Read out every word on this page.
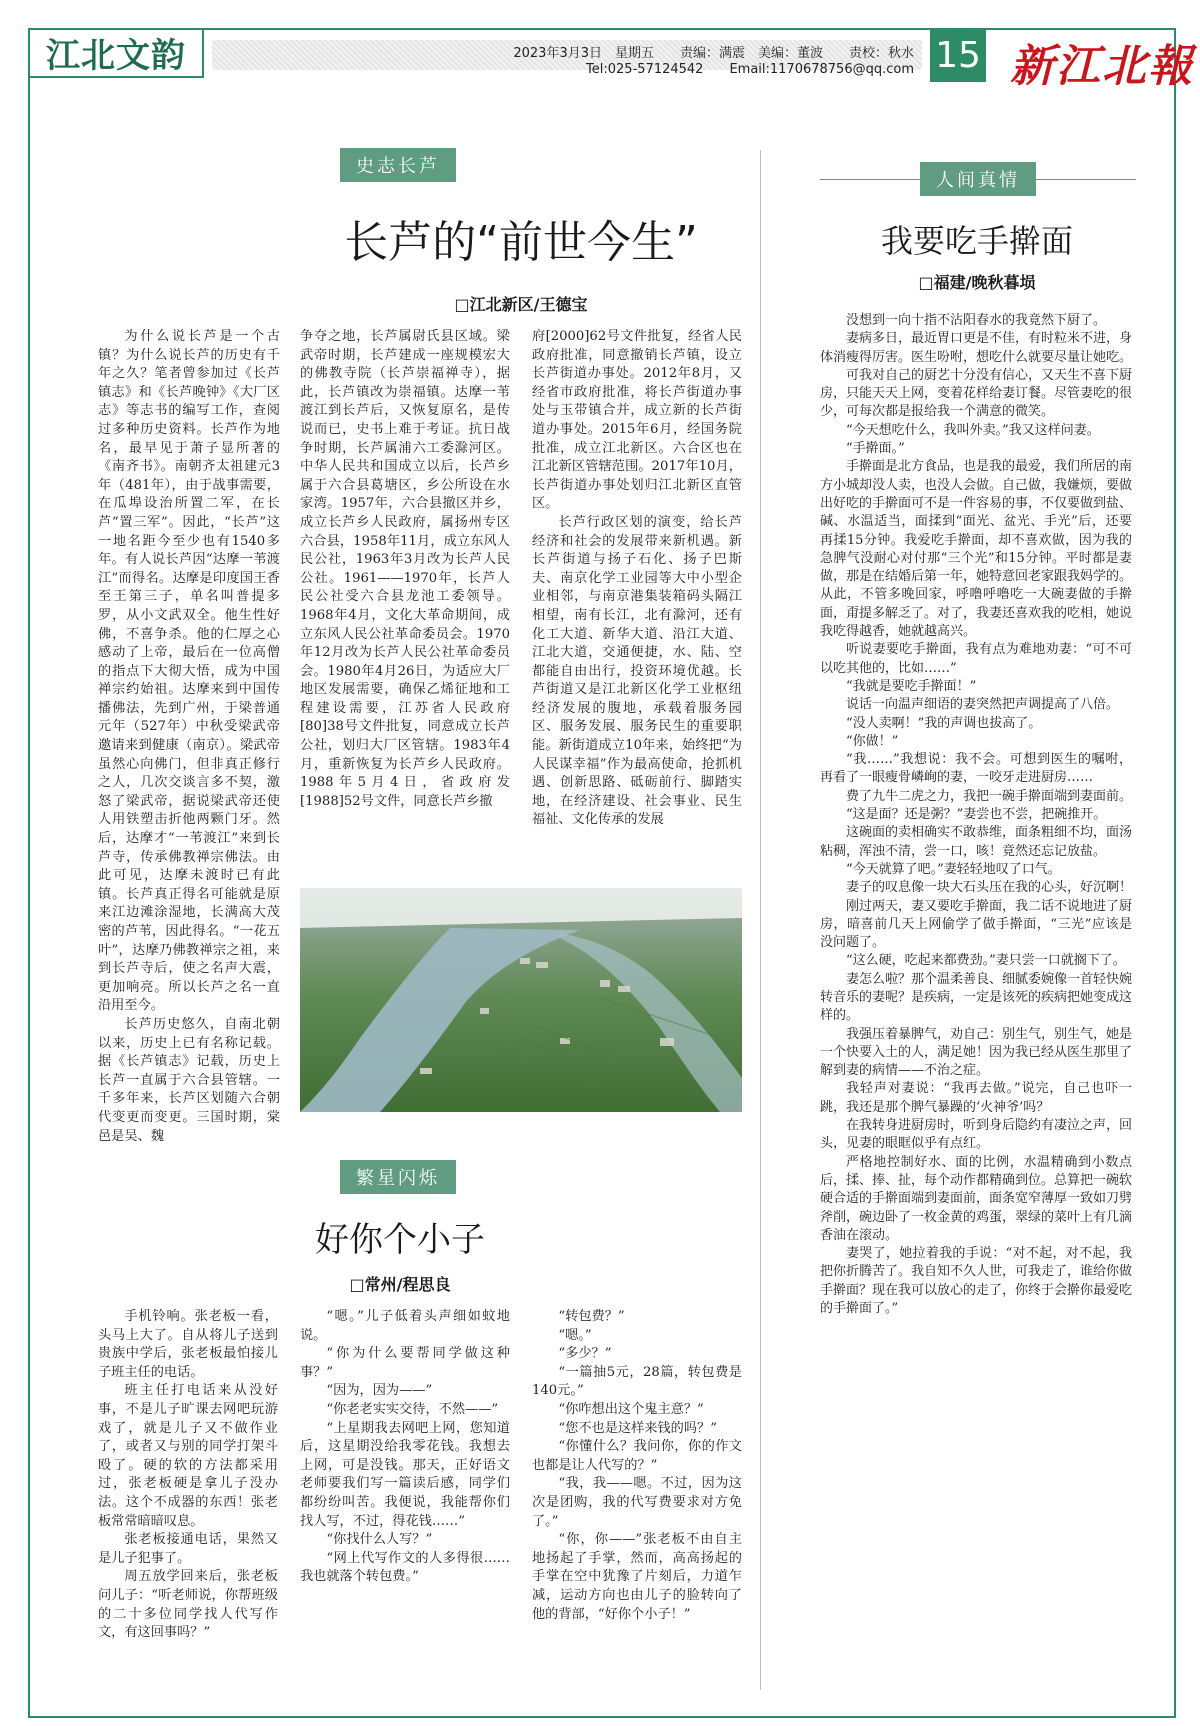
江北文韵	2023年3月3日　星期五　　责编：满震　美编：董波　　责校：秋水
Tel:025-57124542　　Email:1170678756@qq.com 15 新江北報
史志长芦
长芦的“前世今生”
□江北新区/王德宝

为什么说长芦是一个古镇？为什么说长芦的历史有千年之久？笔者曾参加过《长芦镇志》和《长芦晚钟》《大厂区志》等志书的编写工作，查阅过多种历史资料。长芦作为地名，最早见于萧子显所著的《南齐书》。南朝齐太祖建元3年（481年），由于战事需要，在瓜埠设治所置二军，在长芦“置三军”。因此，“长芦”这一地名距今至少也有1540多年。有人说长芦因“达摩一苇渡江”而得名。达摩是印度国王香至王第三子，单名叫普提多罗，从小文武双全。他生性好佛，不喜争杀。他的仁厚之心感动了上帝，最后在一位高僧的指点下大彻大悟，成为中国禅宗约始祖。达摩来到中国传播佛法，先到广州，于梁普通元年（527年）中秋受梁武帝邀请来到健康（南京）。梁武帝虽然心向佛门，但非真正修行之人，几次交谈言多不契，激怒了梁武帝，据说梁武帝还使人用铁塑击折他两颗门牙。然后，达摩才“一苇渡江”来到长芦寺，传承佛教禅宗佛法。由此可见，达摩未渡时已有此镇。长芦真正得名可能就是原来江边滩涂湿地，长满高大茂密的芦苇，因此得名。“一花五叶”，达摩乃佛教禅宗之祖，来到长芦寺后，使之名声大震，更加响亮。所以长芦之名一直沿用至今。

长芦历史悠久，自南北朝以来，历史上已有名称记载。据《长芦镇志》记载，历史上长芦一直属于六合县管辖。一千多年来，长芦区划随六合朝代变更而变更。三国时期，棠邑是吴、魏

争夺之地，长芦属尉氏县区域。梁武帝时期，长芦建成一座规模宏大的佛教寺院（长芦崇福禅寺），据此，长芦镇改为崇福镇。达摩一苇渡江到长芦后，又恢复原名，是传说而已，史书上难于考证。抗日战争时期，长芦属浦六工委滁河区。中华人民共和国成立以后，长芦乡属于六合县葛塘区，乡公所设在水家湾。1957年，六合县撤区并乡，成立长芦乡人民政府，属扬州专区六合县，1958年11月，成立东风人民公社，1963年3月改为长芦人民公社。1961——1970年，长芦人民公社受六合县龙池工委领导。1968年4月，文化大革命期间，成立东风人民公社革命委员会。1970年12月改为长芦人民公社革命委员会。1980年4月26日，为适应大厂地区发展需要，确保乙烯征地和工程建设需要，江苏省人民政府[80]38号文件批复，同意成立长芦公社，划归大厂区管辖。1983年4月，重新恢复为长芦乡人民政府。1988年5月4日，省政府发[1988]52号文件，同意长芦乡撤

府[2000]62号文件批复，经省人民政府批准，同意撤销长芦镇，设立长芦街道办事处。2012年8月，又经省市政府批准，将长芦街道办事处与玉带镇合并，成立新的长芦街道办事处。2015年6月，经国务院批准，成立江北新区。六合区也在江北新区管辖范围。2017年10月，长芦街道办事处划归江北新区直管区。

长芦行政区划的演变，给长芦经济和社会的发展带来新机遇。新长芦街道与扬子石化、扬子巴斯夫、南京化学工业园等大中小型企业相邻，与南京港集装箱码头隔江相望，南有长江，北有滁河，还有化工大道、新华大道、沿江大道、江北大道，交通便捷，水、陆、空都能自由出行，投资环境优越。长芦街道又是江北新区化学工业枢纽经济发展的腹地，承载着服务园区、服务发展、服务民生的重要职能。新街道成立10年来，始终把“为人民谋幸福”作为最高使命，抢抓机遇、创新思路、砥砺前行、脚踏实地，在经济建设、社会事业、民生福祉、文化传承的发展

繁星闪烁
好你个小子
□常州/程思良

手机铃响。张老板一看，头马上大了。自从将儿子送到贵族中学后，张老板最怕接儿子班主任的电话。

班主任打电话来从没好事，不是儿子旷课去网吧玩游戏了，就是儿子又不做作业了，或者又与别的同学打架斗殴了。硬的软的方法都采用过，张老板硬是拿儿子没办法。这个不成器的东西！张老板常常暗暗叹息。

张老板接通电话，果然又是儿子犯事了。

周五放学回来后，张老板问儿子：“听老师说，你帮班级的二十多位同学找人代写作文，有这回事吗？”

“嗯。”儿子低着头声细如蚊地说。

“你为什么要帮同学做这种事？”

“因为，因为——”

“你老老实实交待，不然——”

“上星期我去网吧上网，您知道后，这星期没给我零花钱。我想去上网，可是没钱。那天，正好语文老师要我们写一篇读后感，同学们都纷纷叫苦。我便说，我能帮你们找人写，不过，得花钱……”

“你找什么人写？”

“网上代写作文的人多得很……我也就落个转包费。”

“转包费？”

“嗯。”

“多少？”

“一篇抽5元，28篇，转包费是140元。”

“你咋想出这个鬼主意？”

“您不也是这样来钱的吗？”

“你懂什么？我问你，你的作文也都是让人代写的？”

“我，我——嗯。不过，因为这次是团购，我的代写费要求对方免了。”

“你，你——”张老板不由自主地扬起了手掌，然而，高高扬起的手掌在空中犹豫了片刻后，力道乍减，运动方向也由儿子的脸转向了他的背部，“好你个小子！”

人间真情
我要吃手擀面
□福建/晚秋暮埙

没想到一向十指不沾阳春水的我竟然下厨了。

妻病多日，最近胃口更是不佳，有时粒米不进，身体消瘦得厉害。医生吩咐，想吃什么就要尽量让她吃。

可我对自己的厨艺十分没有信心，又天生不喜下厨房，只能天天上网，变着花样给妻订餐。尽管妻吃的很少，可每次都是报给我一个满意的微笑。

“今天想吃什么，我叫外卖。”我又这样问妻。

“手擀面。”

手擀面是北方食品，也是我的最爱，我们所居的南方小城却没人卖，也没人会做。自己做，我嫌烦，要做出好吃的手擀面可不是一件容易的事，不仅要做到盐、碱、水温适当，面揉到“面光、盆光、手光”后，还要再揉15分钟。我爱吃手擀面，却不喜欢做，因为我的急脾气没耐心对付那“三个光”和15分钟。平时都是妻做，那是在结婚后第一年，她特意回老家跟我妈学的。从此，不管多晚回家，呼噜呼噜吃一大碗妻做的手擀面，甭提多解乏了。对了，我妻还喜欢我的吃相，她说我吃得越香，她就越高兴。

听说妻要吃手擀面，我有点为难地劝妻：“可不可以吃其他的，比如……”

“我就是要吃手擀面！”

说话一向温声细语的妻突然把声调提高了八倍。

“没人卖啊！”我的声调也拔高了。

“你做！”

“我……”我想说：我不会。可想到医生的嘱咐，再看了一眼瘦骨嶙峋的妻，一咬牙走进厨房……

费了九牛二虎之力，我把一碗手擀面端到妻面前。

“这是面？还是粥？”妻尝也不尝，把碗推开。

这碗面的卖相确实不敢恭维，面条粗细不均，面汤粘稠，浑浊不清，尝一口，咳！竟然还忘记放盐。

“今天就算了吧。”妻轻轻地叹了口气。

妻子的叹息像一块大石头压在我的心头，好沉啊！

刚过两天，妻又要吃手擀面，我二话不说地进了厨房，暗喜前几天上网偷学了做手擀面，“三光”应该是没问题了。

“这么硬，吃起来都费劲。”妻只尝一口就搁下了。

妻怎么啦？那个温柔善良、细腻委婉像一首轻快婉转音乐的妻呢？是疾病，一定是该死的疾病把她变成这样的。

我强压着暴脾气，劝自己：别生气，别生气，她是一个快要入土的人，满足她！因为我已经从医生那里了解到妻的病情——不治之症。

我轻声对妻说：“我再去做。”说完，自己也吓一跳，我还是那个脾气暴躁的‘火神爷’吗？

在我转身进厨房时，听到身后隐约有凄泣之声，回头，见妻的眼眶似乎有点红。

严格地控制好水、面的比例，水温精确到小数点后，揉、捧、扯，每个动作都精确到位。总算把一碗软硬合适的手擀面端到妻面前，面条宽窄薄厚一致如刀劈斧削，碗边卧了一枚金黄的鸡蛋，翠绿的菜叶上有几滴香油在滚动。

妻哭了，她拉着我的手说：“对不起，对不起，我把你折腾苦了。我自知不久人世，可我走了，谁给你做手擀面？现在我可以放心的走了，你终于会擀你最爱吃的手擀面了。”
